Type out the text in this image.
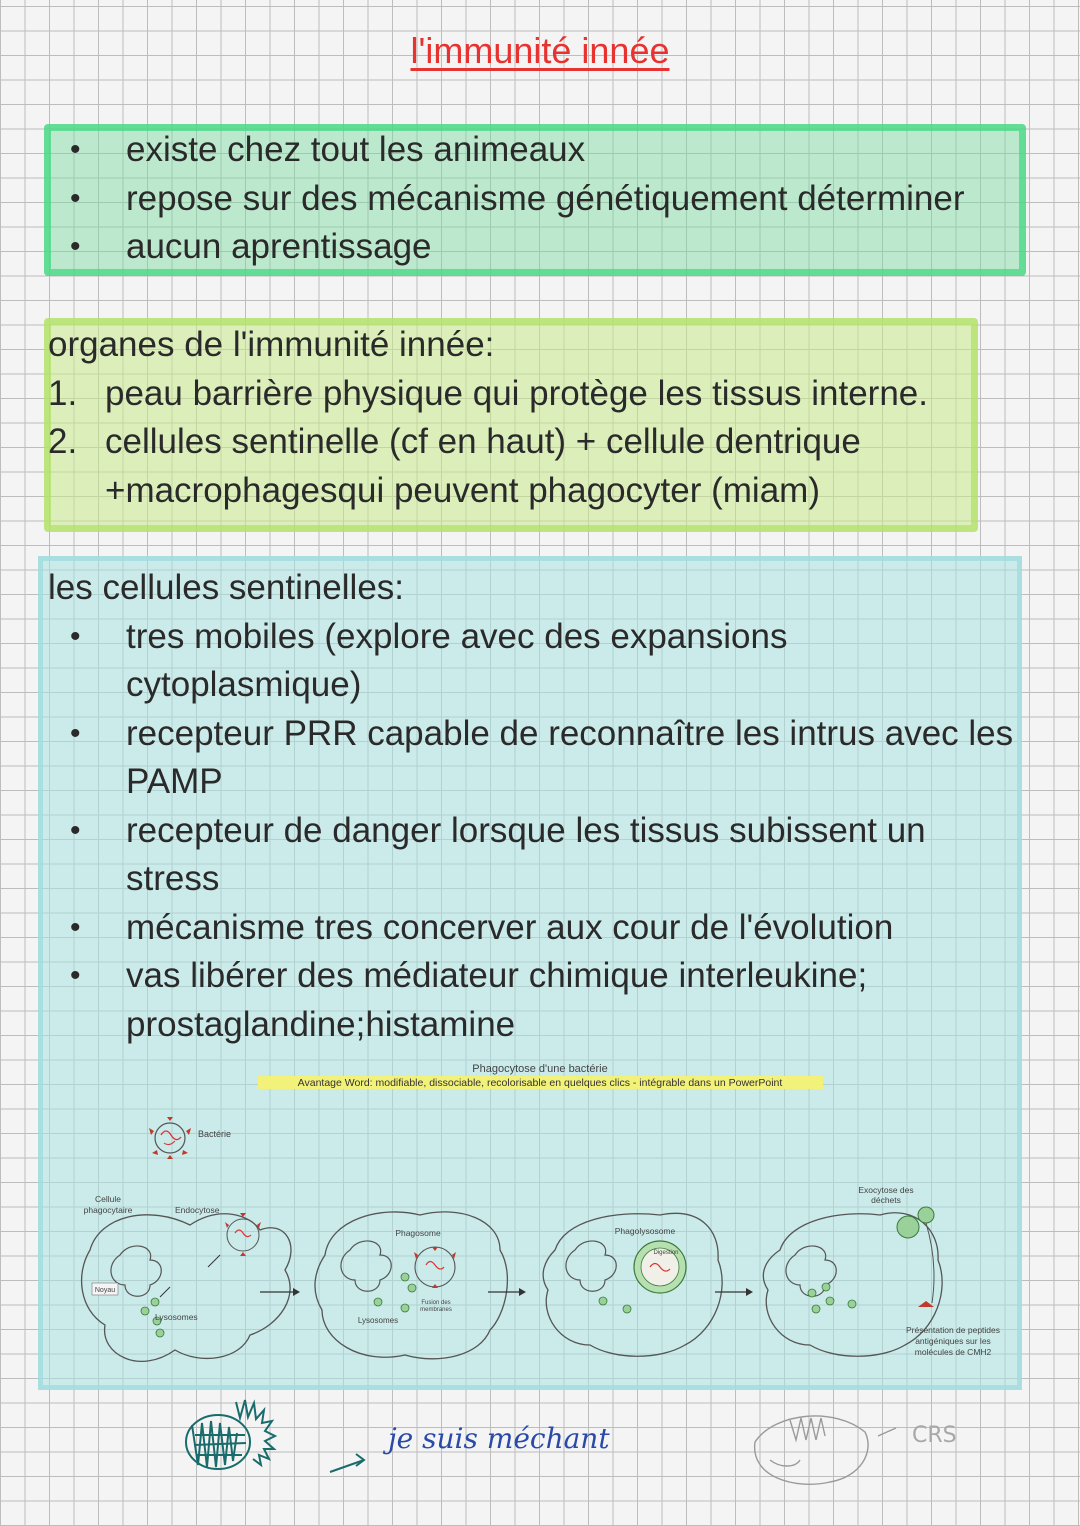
l'immunité innée
• existe chez tout les animeaux
• repose sur des mécanisme génétiquement déterminer
• aucun aprentissage
organes de l'immunité innée:
1. peau barrière physique qui protège les tissus interne.
2. cellules sentinelle (cf en haut) + cellule dentrique +macrophagesqui peuvent phagocyter (miam)
les cellules sentinelles:
• tres mobiles (explore avec des expansions cytoplasmique)
• recepteur PRR capable de reconnaître les intrus avec les PAMP
• recepteur de danger lorsque les tissus subissent un stress
• mécanisme tres concerver aux cour de l'évolution
• vas libérer des médiateur chimique interleukine; prostaglandine;histamine
Phagocytose d'une bactérie
Avantage Word: modifiable, dissociable, recolorisable en quelques clics - intégrable dans un PowerPoint
Bactérie
Cellule
phagocytaire	Endocytose
Noyau
Lysosomes
Phagosome
Fusion des
membranes
Lysosomes
Phagolysosome
Digestion
Exocytose des
déchets
Présentation de peptides
antigéniques sur les
molécules de CMH2
je suis méchant	CRS
